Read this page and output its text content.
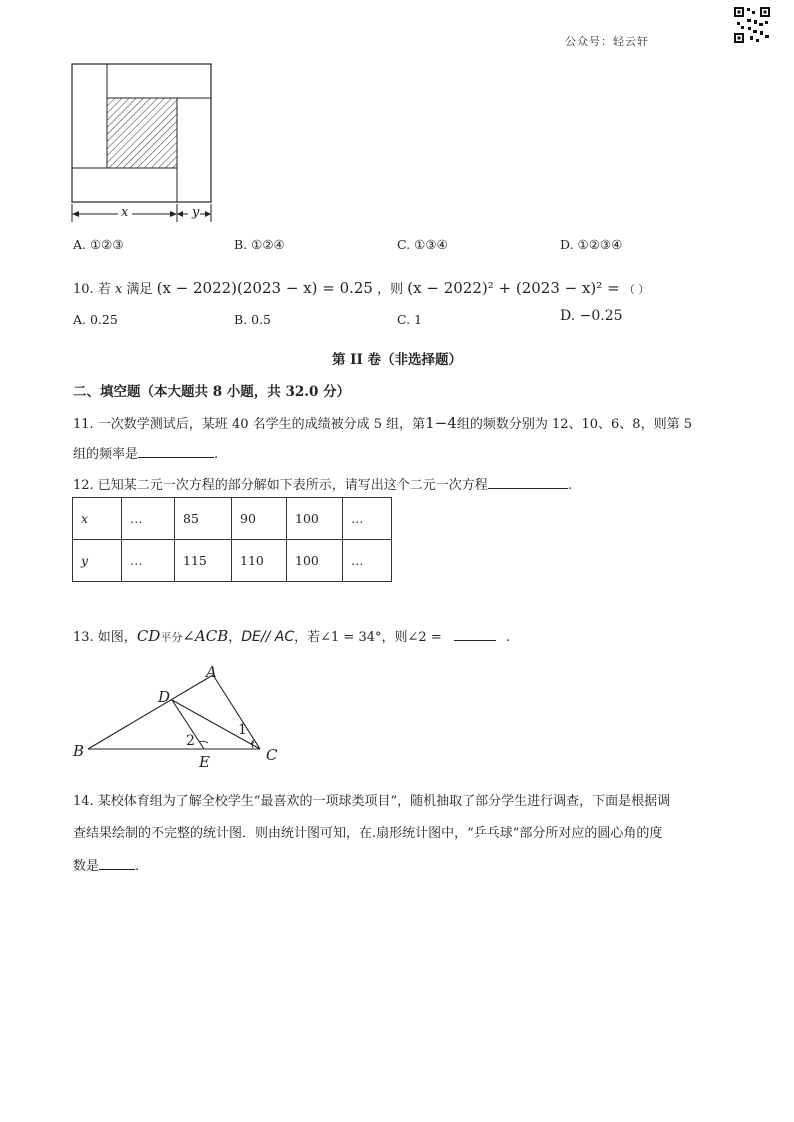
公众号：轻云轩
x	y
A. ①②③	B. ①②④	C. ①③④	D. ①②③④
10. 若 x 满足 (x − 2022)(2023 − x) = 0.25 ，则 (x − 2022)² + (2023 − x)² = （ ）
A. 0.25	B. 0.5	C. 1	D. −0.25
第 II 卷（非选择题）
二、填空题（本大题共 8 小题，共 32.0 分）
11. 一次数学测试后，某班 40 名学生的成绩被分成 5 组，第1−4组的频数分别为 12、10、6、8，则第 5
组的频率是	.
12. 已知某二元一次方程的部分解如下表所示，请写出这个二元一次方程	.
x	…	85	90	100	…
y	…	115	110	100	…
13. 如图，CD平分∠ACB，DE// AC，若∠1 = 34°，则∠2 =	.
A
B	C
D
E
1
2
14. 某校体育组为了解全校学生“最喜欢的一项球类项目”，随机抽取了部分学生进行调查，下面是根据调
查结果绘制的不完整的统计图．则由统计图可知，在.扇形统计图中，“乒乓球”部分所对应的圆心角的度
数是	.
